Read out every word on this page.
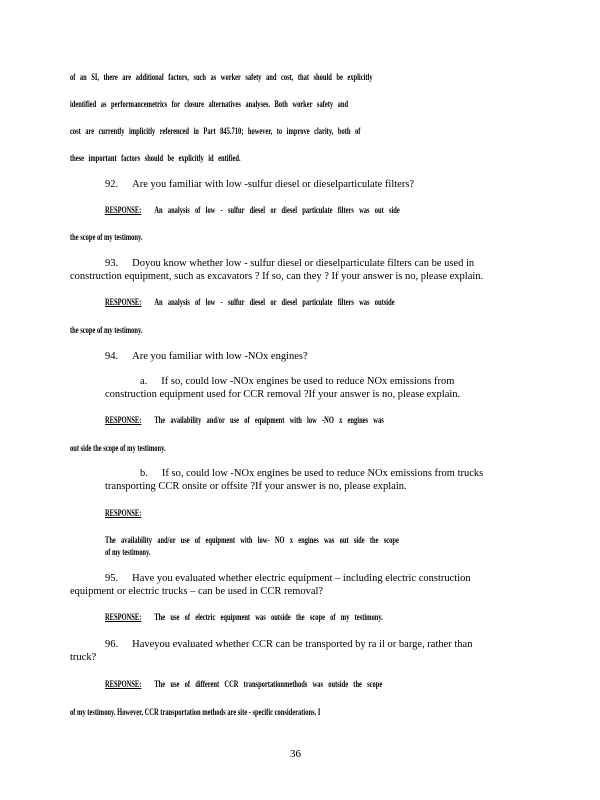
of an SI, there are additional factors, such as worker safety and cost, that should be explicitly
identified as performancemetrics for closure alternatives analyses. Both worker safety and
cost are currently implicitly referenced in Part 845.710; however, to improve clarity, both of
these important factors should be explicitly id entified.
92. Are you familiar with low -sulfur diesel or dieselparticulate filters?
RESPONSE: An analysis of low - sulfur diesel or diesel particulate filters was out side
the scope of my testimony.
93. Doyou know whether low - sulfur diesel or dieselparticulate filters can be used in
construction equipment, such as excavators ? If so, can they ? If your answer is no, please explain.
RESPONSE: An analysis of low - sulfur diesel or diesel particulate filters was outside
the scope of my testimony.
94. Are you familiar with low -NOx engines?
a. If so, could low -NOx engines be used to reduce NOx emissions from
construction equipment used for CCR removal ?If your answer is no, please explain.
RESPONSE: The availability and/or use of equipment with low -NO x engines was
out side the scope of my testimony.
b. If so, could low -NOx engines be used to reduce NOx emissions from trucks
transporting CCR onsite or offsite ?If your answer is no, please explain.
RESPONSE:
The availability and/or use of equipment with low- NO x engines was out side the scope
of my testimony.
95. Have you evaluated whether electric equipment – including electric construction
equipment or electric trucks – can be used in CCR removal?
RESPONSE: The use of electric equipment was outside the scope of my testimony.
96. Haveyou evaluated whether CCR can be transported by ra il or barge, rather than
truck?
RESPONSE: The use of different CCR transportationmethods was outside the scope
of my testimony. However, CCR transportation methods are site - specific considerations. I
36
